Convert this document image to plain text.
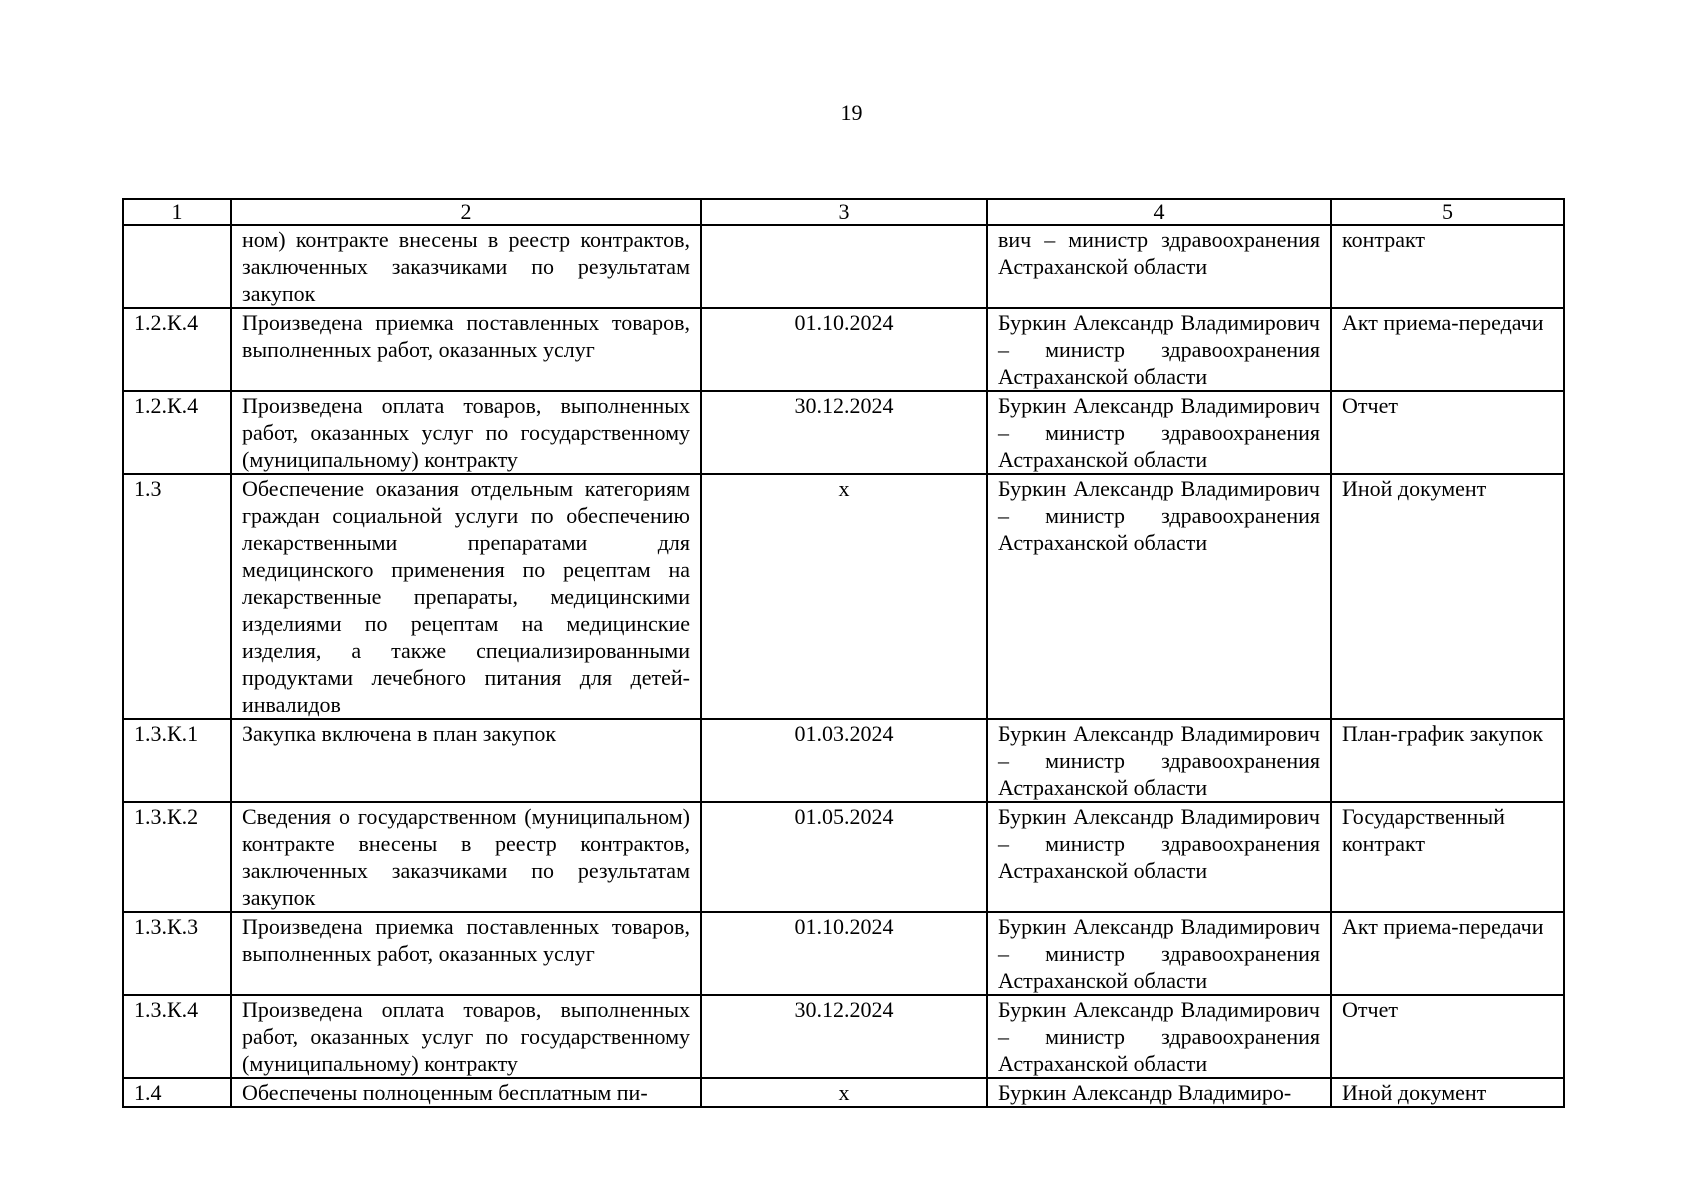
19
1	2	3	4	5
	ном) контракте внесены в реестр контрактов, заключенных заказчиками по результатам закупок		вич – министр здравоохранения Астраханской области	контракт
1.2.К.4	Произведена приемка поставленных товаров, выполненных работ, оказанных услуг	01.10.2024	Буркин Александр Владимирович – министр здравоохранения Астраханской области	Акт приема-передачи
1.2.К.4	Произведена оплата товаров, выполненных работ, оказанных услуг по государственному (муниципальному) контракту	30.12.2024	Буркин Александр Владимирович – министр здравоохранения Астраханской области	Отчет
1.3	Обеспечение оказания отдельным категориям граждан социальной услуги по обеспечению лекарственными препаратами для медицинского применения по рецептам на лекарственные препараты, медицинскими изделиями по рецептам на медицинские изделия, а также специализированными продуктами лечебного питания для детей-инвалидов	x	Буркин Александр Владимирович – министр здравоохранения Астраханской области	Иной документ
1.3.К.1	Закупка включена в план закупок	01.03.2024	Буркин Александр Владимирович – министр здравоохранения Астраханской области	План-график закупок
1.3.К.2	Сведения о государственном (муниципальном) контракте внесены в реестр контрактов, заключенных заказчиками по результатам закупок	01.05.2024	Буркин Александр Владимирович – министр здравоохранения Астраханской области	Государственный контракт
1.3.К.3	Произведена приемка поставленных товаров, выполненных работ, оказанных услуг	01.10.2024	Буркин Александр Владимирович – министр здравоохранения Астраханской области	Акт приема-передачи
1.3.К.4	Произведена оплата товаров, выполненных работ, оказанных услуг по государственному (муниципальному) контракту	30.12.2024	Буркин Александр Владимирович – министр здравоохранения Астраханской области	Отчет
1.4	Обеспечены полноценным бесплатным пи-	x	Буркин Александр Владимиро-	Иной документ
